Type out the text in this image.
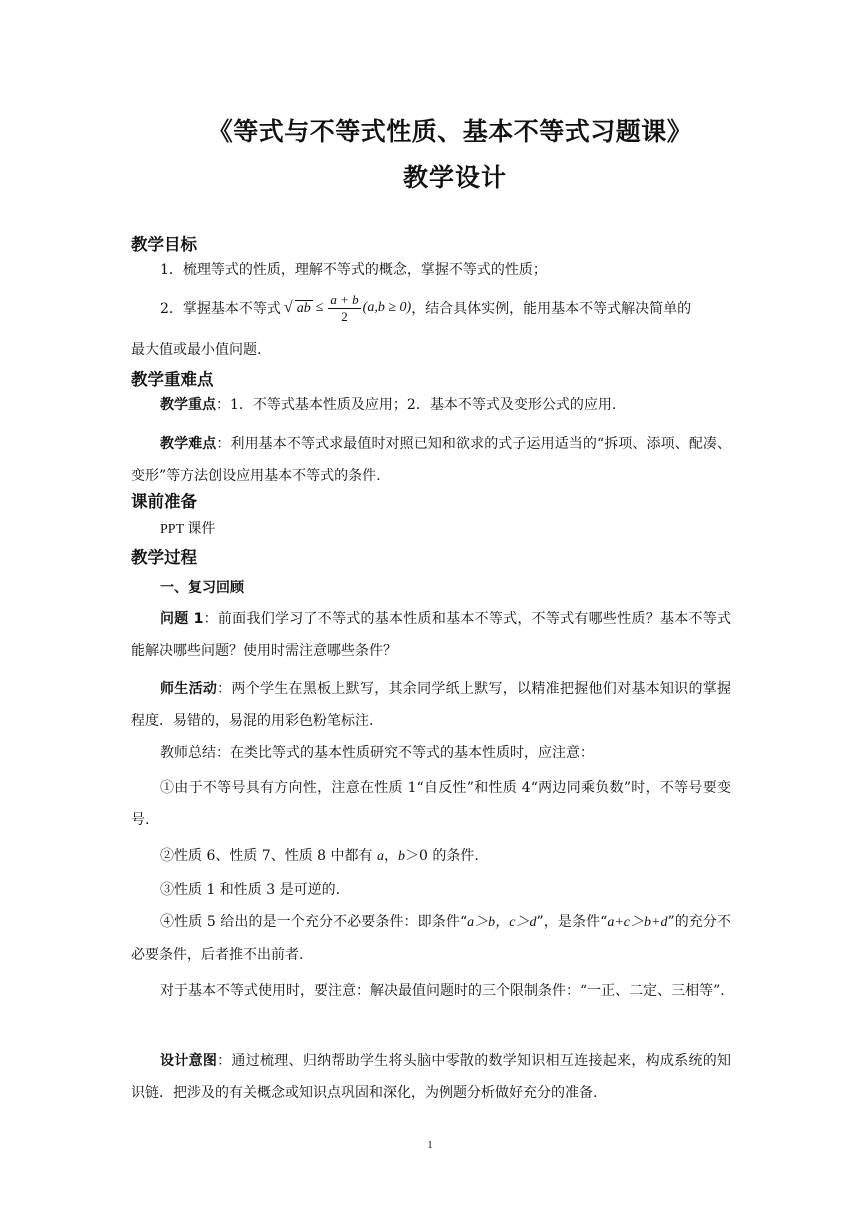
《等式与不等式性质、基本不等式习题课》
教学设计
教学目标
1．梳理等式的性质，理解不等式的概念，掌握不等式的性质；
2．掌握基本不等式 √ ab ≤ $\frac{a + b}{2} (a,b \ge 0)$ ，结合具体实例，能用基本不等式解决简单的
最大值或最小值问题.
教学重难点
教学重点：1．不等式基本性质及应用；2．基本不等式及变形公式的应用.
教学难点：利用基本不等式求最值时对照已知和欲求的式子运用适当的“拆项、添项、配凑、变形”等方法创设应用基本不等式的条件.
课前准备
PPT 课件
教学过程
一、复习回顾
问题 1：前面我们学习了不等式的基本性质和基本不等式，不等式有哪些性质？基本不等式能解决哪些问题？使用时需注意哪些条件？
师生活动：两个学生在黑板上默写，其余同学纸上默写，以精准把握他们对基本知识的掌握程度．易错的，易混的用彩色粉笔标注.
教师总结：在类比等式的基本性质研究不等式的基本性质时，应注意：
①由于不等号具有方向性，注意在性质 1“自反性”和性质 4“两边同乘负数”时，不等号要变号.
②性质 6、性质 7、性质 8 中都有 a，b＞0 的条件.
③性质 1 和性质 3 是可逆的.
④性质 5 给出的是一个充分不必要条件：即条件“a＞b，c＞d”，是条件“a+c＞b+d”的充分不必要条件，后者推不出前者.
对于基本不等式使用时，要注意：解决最值问题时的三个限制条件：“一正、二定、三相等”.
设计意图：通过梳理、归纳帮助学生将头脑中零散的数学知识相互连接起来，构成系统的知识链．把涉及的有关概念或知识点巩固和深化，为例题分析做好充分的准备.
1
